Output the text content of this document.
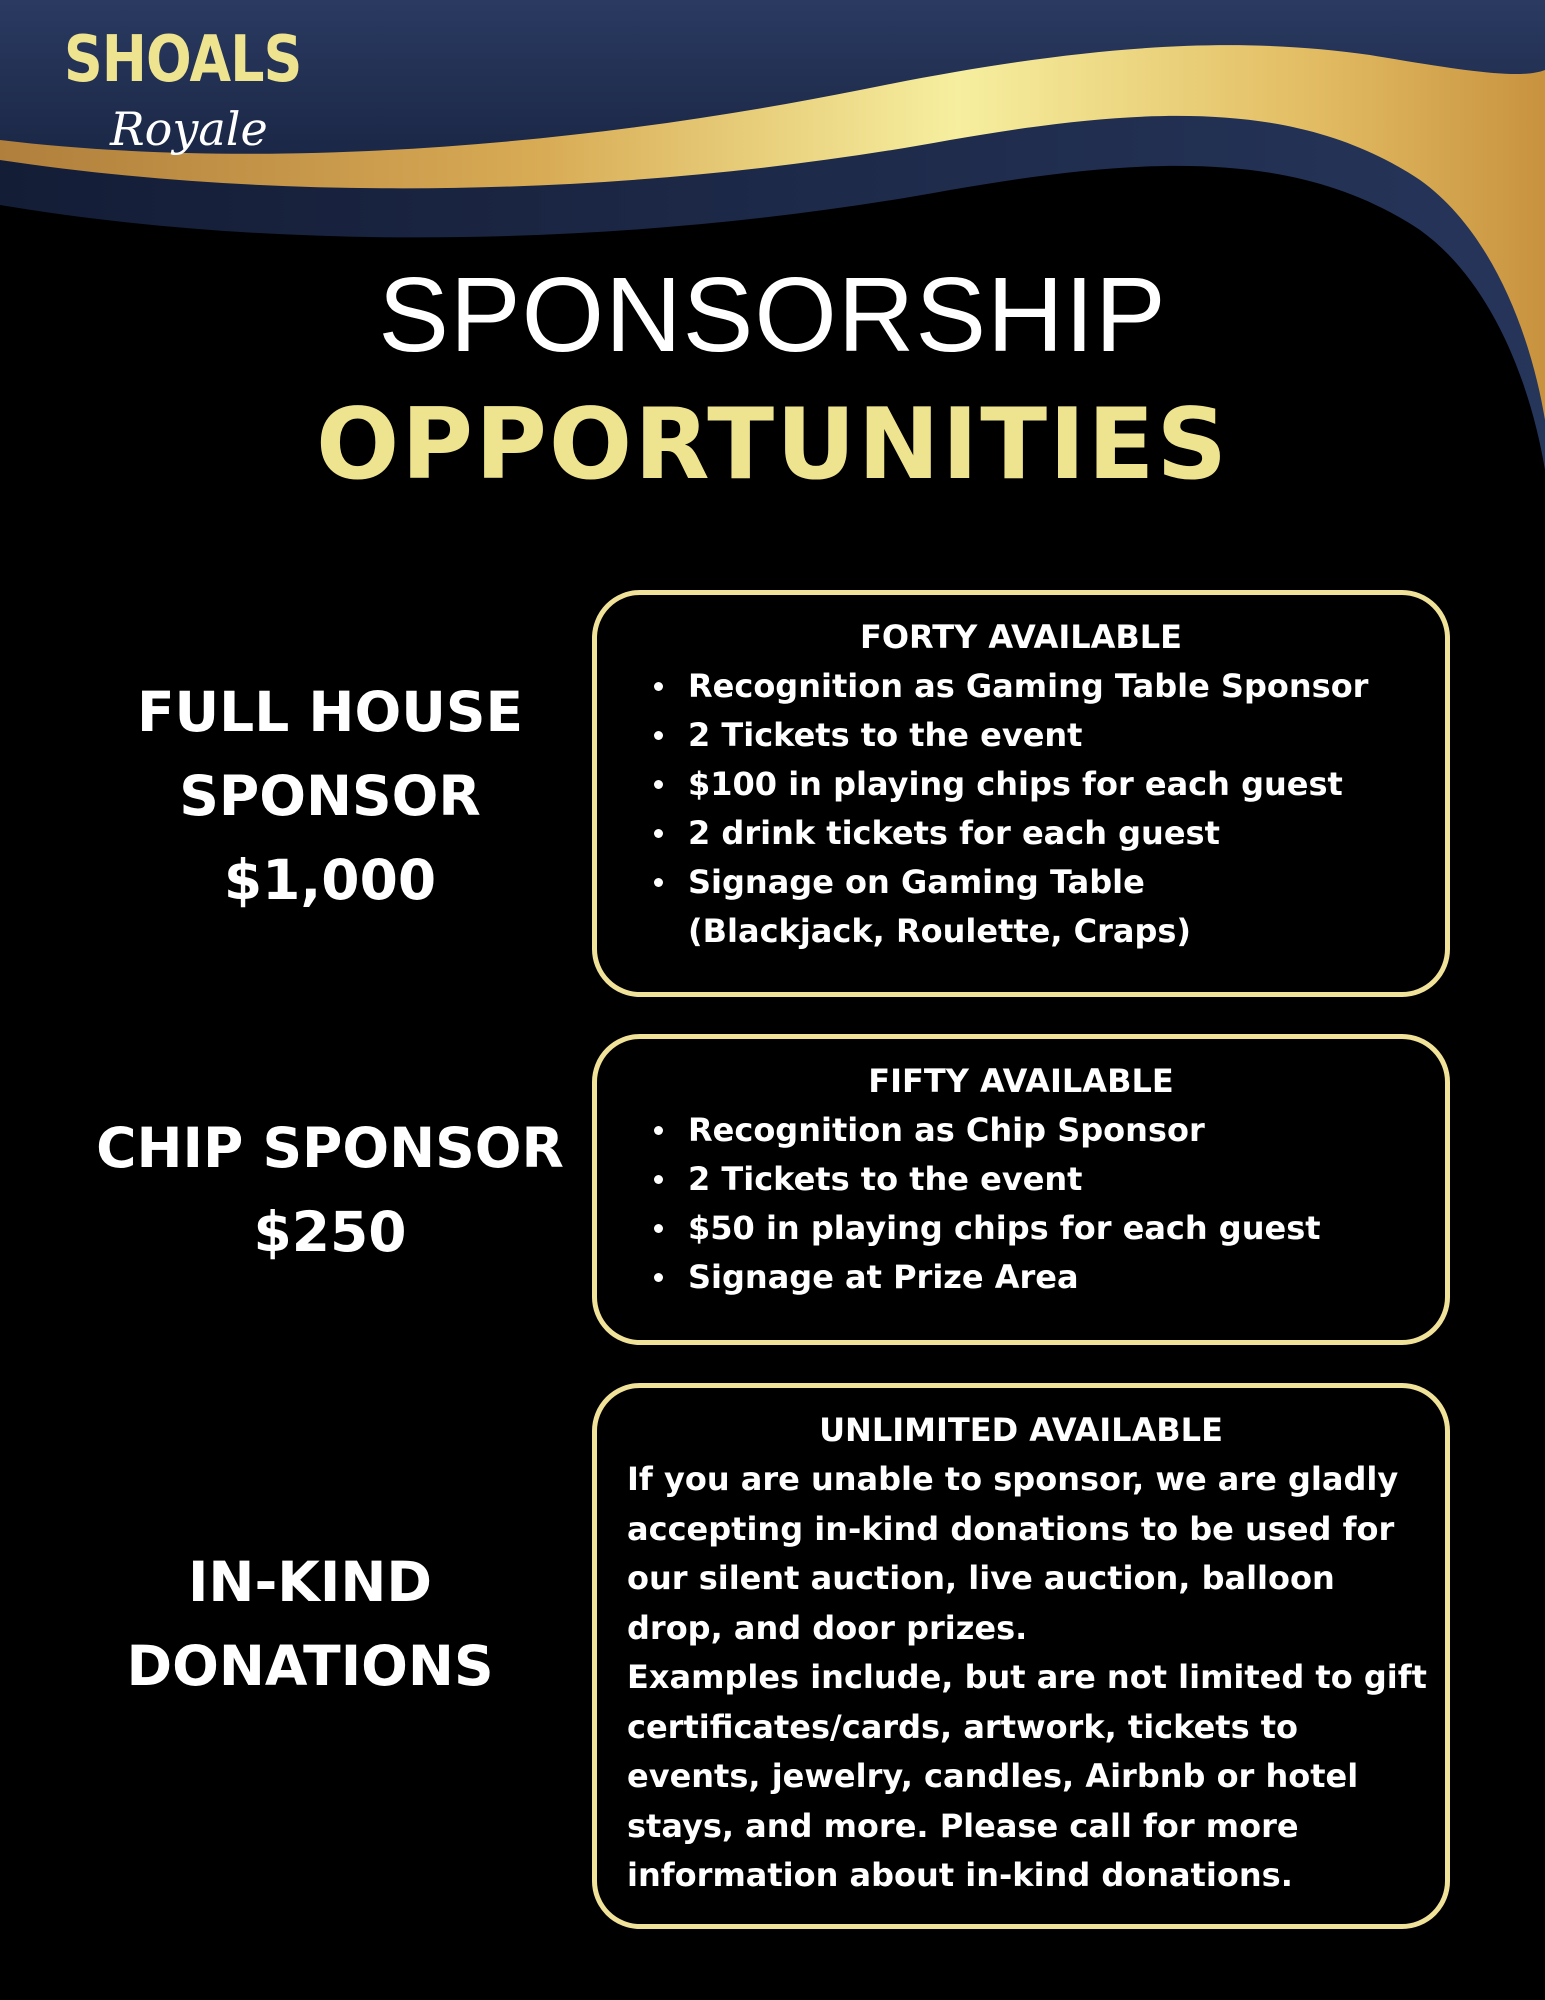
SHOALS
Royale
SPONSORSHIP
OPPORTUNITIES
FULL HOUSE
SPONSOR
$1,000
FORTY AVAILABLE
Recognition as Gaming Table Sponsor
2 Tickets to the event
$100 in playing chips for each guest
2 drink tickets for each guest
Signage on Gaming Table (Blackjack, Roulette, Craps)
CHIP SPONSOR
$250
FIFTY AVAILABLE
Recognition as Chip Sponsor
2 Tickets to the event
$50 in playing chips for each guest
Signage at Prize Area
IN-KIND
DONATIONS
UNLIMITED AVAILABLE

If you are unable to sponsor, we are gladly accepting in-kind donations to be used for our silent auction, live auction, balloon drop, and door prizes.

Examples include, but are not limited to gift certificates/cards, artwork, tickets to events, jewelry, candles, Airbnb or hotel stays, and more. Please call for more information about in-kind donations.
